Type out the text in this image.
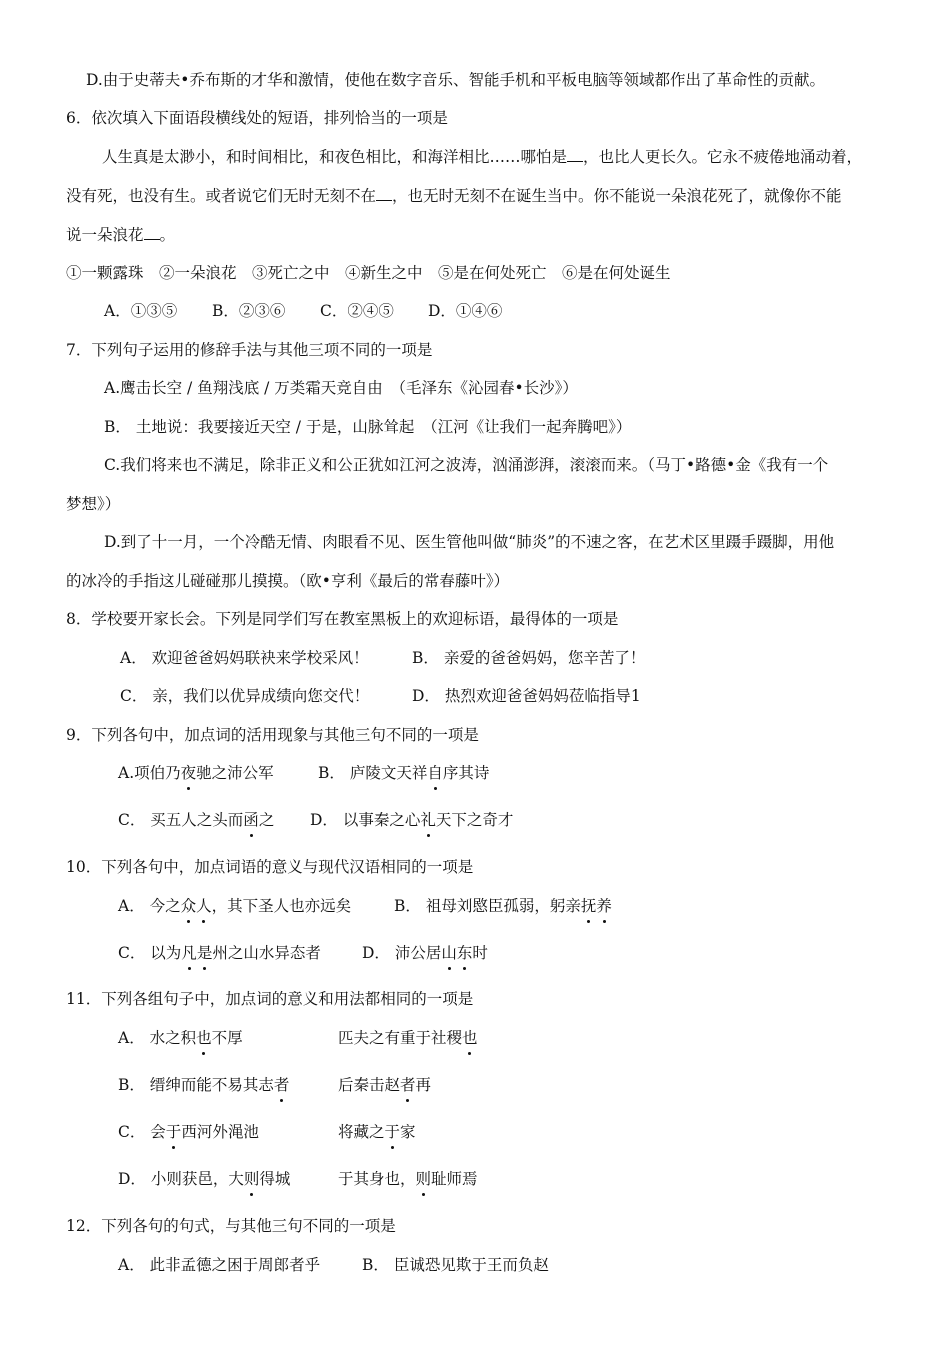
D.由于史蒂夫•乔布斯的才华和激情，使他在数字音乐、智能手机和平板电脑等领域都作出了革命性的贡献。

6．依次填入下面语段横线处的短语，排列恰当的一项是

人生真是太渺小，和时间相比，和夜色相比，和海洋相比……哪怕是 ，也比人更长久。它永不疲倦地涌动着，

没有死，也没有生。或者说它们无时无刻不在 ，也无时无刻不在诞生当中。你不能说一朵浪花死了，就像你不能

说一朵浪花 。

①一颗露珠　②一朵浪花　③死亡之中　④新生之中　⑤是在何处死亡　⑥是在何处诞生

A．①③⑤ B．②③⑥ C．②④⑤ D．①④⑥

7．下列句子运用的修辞手法与其他三项不同的一项是

A.鹰击长空 / 鱼翔浅底 / 万类霜天竞自由　（毛泽东《沁园春•长沙》）

B． 土地说：我要接近天空 / 于是，山脉耸起　（江河《让我们一起奔腾吧》）

C.我们将来也不满足，除非正义和公正犹如江河之波涛，汹涌澎湃，滚滚而来。（马丁•路德•金《我有一个

梦想》）

D.到了十一月，一个冷酷无情、肉眼看不见、医生管他叫做“肺炎”的不速之客，在艺术区里蹑手蹑脚，用他

的冰冷的手指这儿碰碰那儿摸摸。（欧•亨利《最后的常春藤叶》）

8．学校要开家长会。下列是同学们写在教室黑板上的欢迎标语，最得体的一项是

A． 欢迎爸爸妈妈联袂来学校采风！	B． 亲爱的爸爸妈妈，您辛苦了！

C． 亲，我们以优异成绩向您交代！	D． 热烈欢迎爸爸妈妈莅临指导1

9．下列各句中，加点词的活用现象与其他三句不同的一项是

A.项伯乃夜驰之沛公军	B． 庐陵文天祥自序其诗

C． 买五人之头而函之 D． 以事秦之心礼天下之奇才

10．下列各句中，加点词语的意义与现代汉语相同的一项是

A． 今之众人，其下圣人也亦远矣	B． 祖母刘愍臣孤弱，躬亲抚养

C． 以为凡是州之山水异态者	D． 沛公居山东时

11．下列各组句子中，加点词的意义和用法都相同的一项是

A． 水之积也不厚	匹夫之有重于社稷也

B． 缙绅而能不易其志者	后秦击赵者再

C． 会于西河外渑池	将藏之于家

D． 小则获邑，大则得城	于其身也，则耻师焉

12．下列各句的句式，与其他三句不同的一项是

A． 此非孟德之困于周郎者乎	B． 臣诚恐见欺于王而负赵
